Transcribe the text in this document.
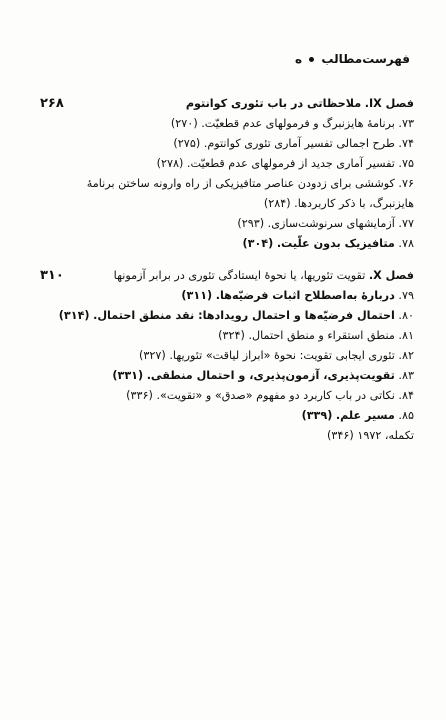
فهرست‌مطالب  ه
فصل IX. ملاحظاتی در باب تئوری کوانتوم
۲۶۸
۷۳. برنامهٔ هایزنبرگ و فرمولهای عدم قطعیّت. (۲۷۰)
۷۴. طرح اجمالی تفسیر آماری تئوری کوانتوم. (۲۷۵)
۷۵. تفسیر آماری جدید از فرمولهای عدم قطعیّت. (۲۷۸)
۷۶. کوششی برای زدودن عناصر متافیزیکی از راه وارونه ساختن برنامهٔ هایزنبرگ، با ذکر کاربردها. (۲۸۴)
۷۷. آزمایشهای سرنوشت‌سازی. (۲۹۳)
۷۸. متافیزیک بدون علّیت. (۳۰۴)
فصل X. تقویت تئوریها، یا نحوهٔ ایستادگی تئوری در برابر آزمونها
۳۱۰
۷۹. دربارهٔ به‌اصطلاح اثبات فرضیّه‌ها. (۳۱۱)
۸۰. احتمال فرضیّه‌ها و احتمال رویدادها: نقد منطق احتمال. (۳۱۴)
۸۱. منطق استقراء و منطق احتمال. (۳۲۴)
۸۲. تئوری ایجابی تقویت: نحوهٔ «ابراز لیاقت» تئوریها. (۳۲۷)
۸۳. تقویت‌پذیری، آزمون‌پذیری، و احتمال منطقی. (۳۳۱)
۸۴. نکاتی در باب کاربرد دو مفهوم «صدق» و «تقویت». (۳۳۶)
۸۵. مسیر علم. (۳۳۹)
تکمله، ۱۹۷۲ (۳۴۶)
